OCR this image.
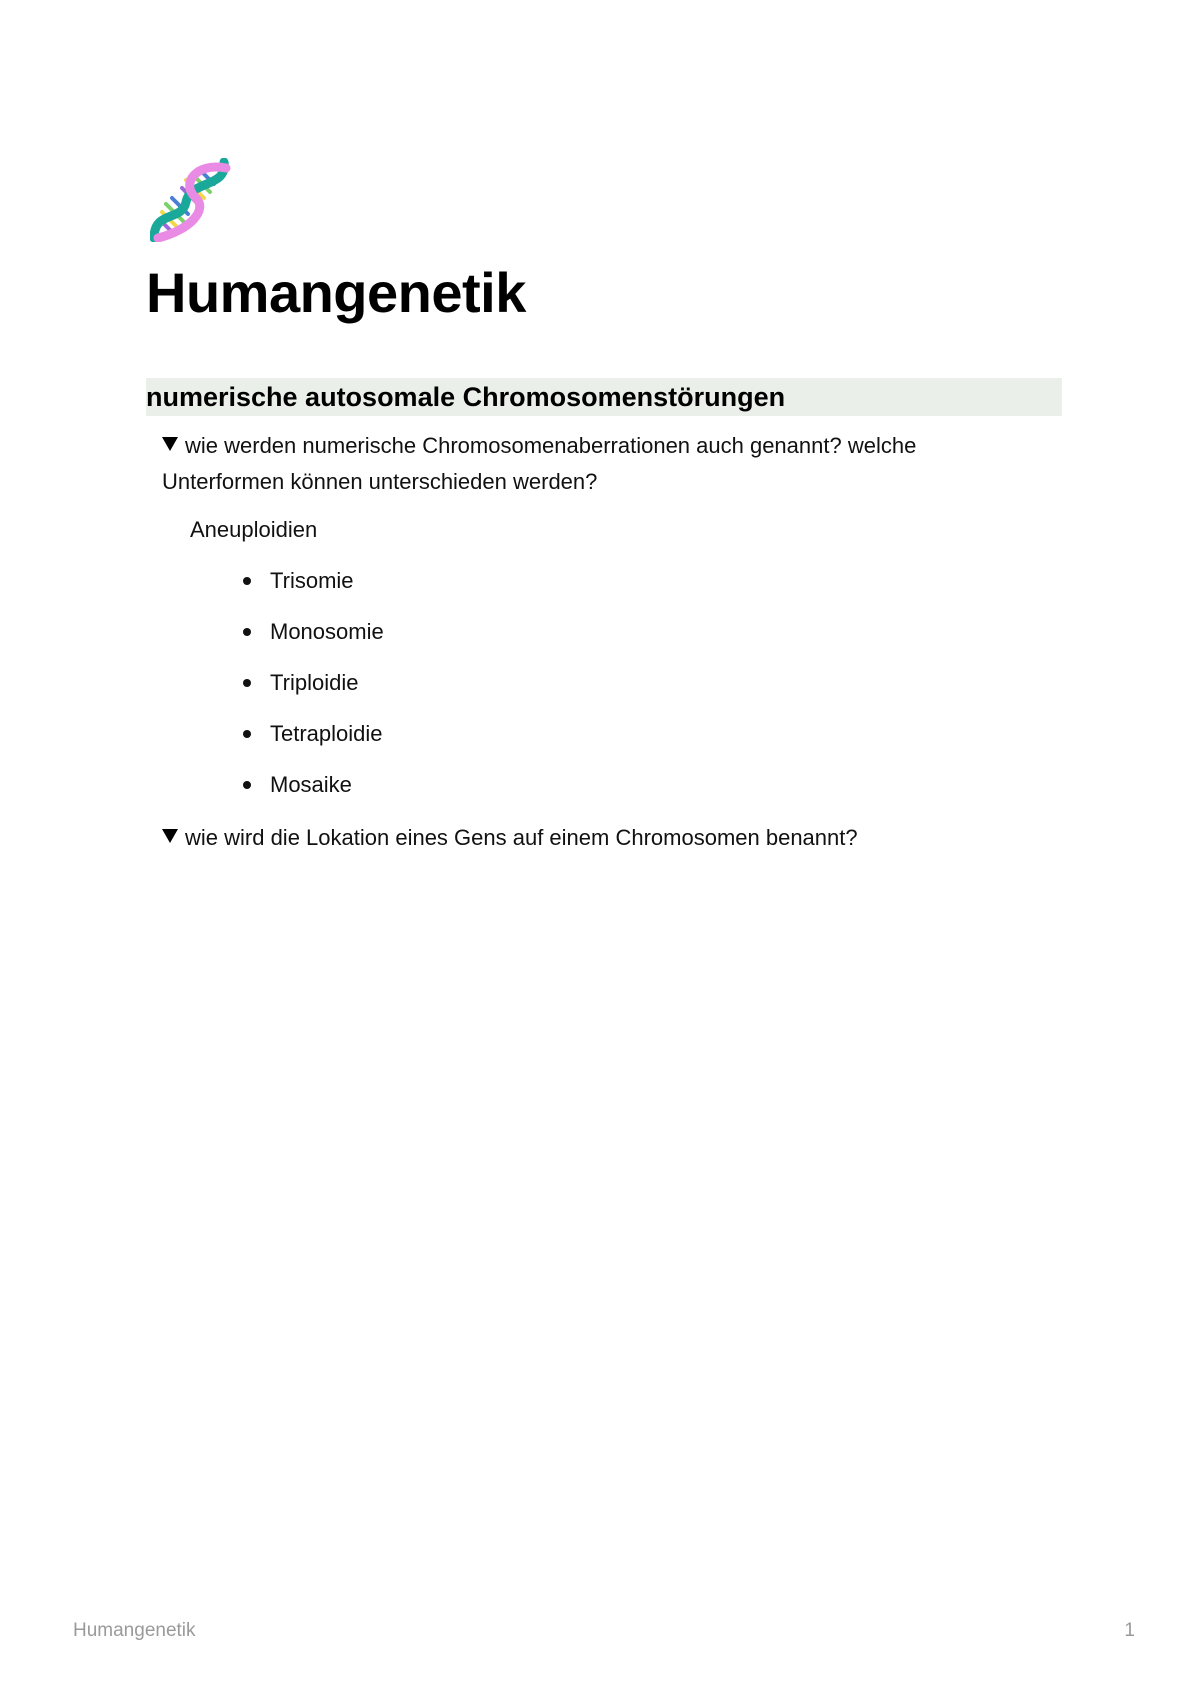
Humangenetik
numerische autosomale Chromosomenstörungen
wie werden numerische Chromosomenaberrationen auch genannt? welche Unterformen können unterschieden werden?
Aneuploidien
Trisomie
Monosomie
Triploidie
Tetraploidie
Mosaike
wie wird die Lokation eines Gens auf einem Chromosomen benannt?
Humangenetik	1
